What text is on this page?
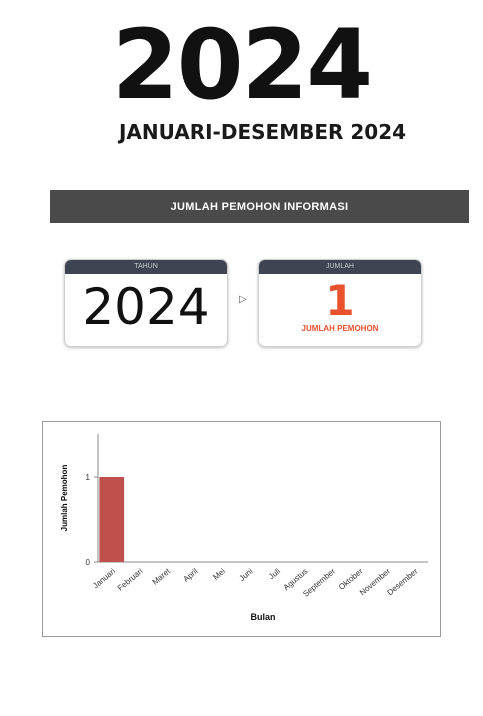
2024
JANUARI-DESEMBER 2024
JUMLAH PEMOHON INFORMASI
TAHUN
2024	▷
JUMLAH
1
JUMLAH PEMOHON
0
1
Januari
Februari Maret April Mei Juni Juli Agustus
September Oktober
November
Desember
Bulan
Jumlah Pemohon
